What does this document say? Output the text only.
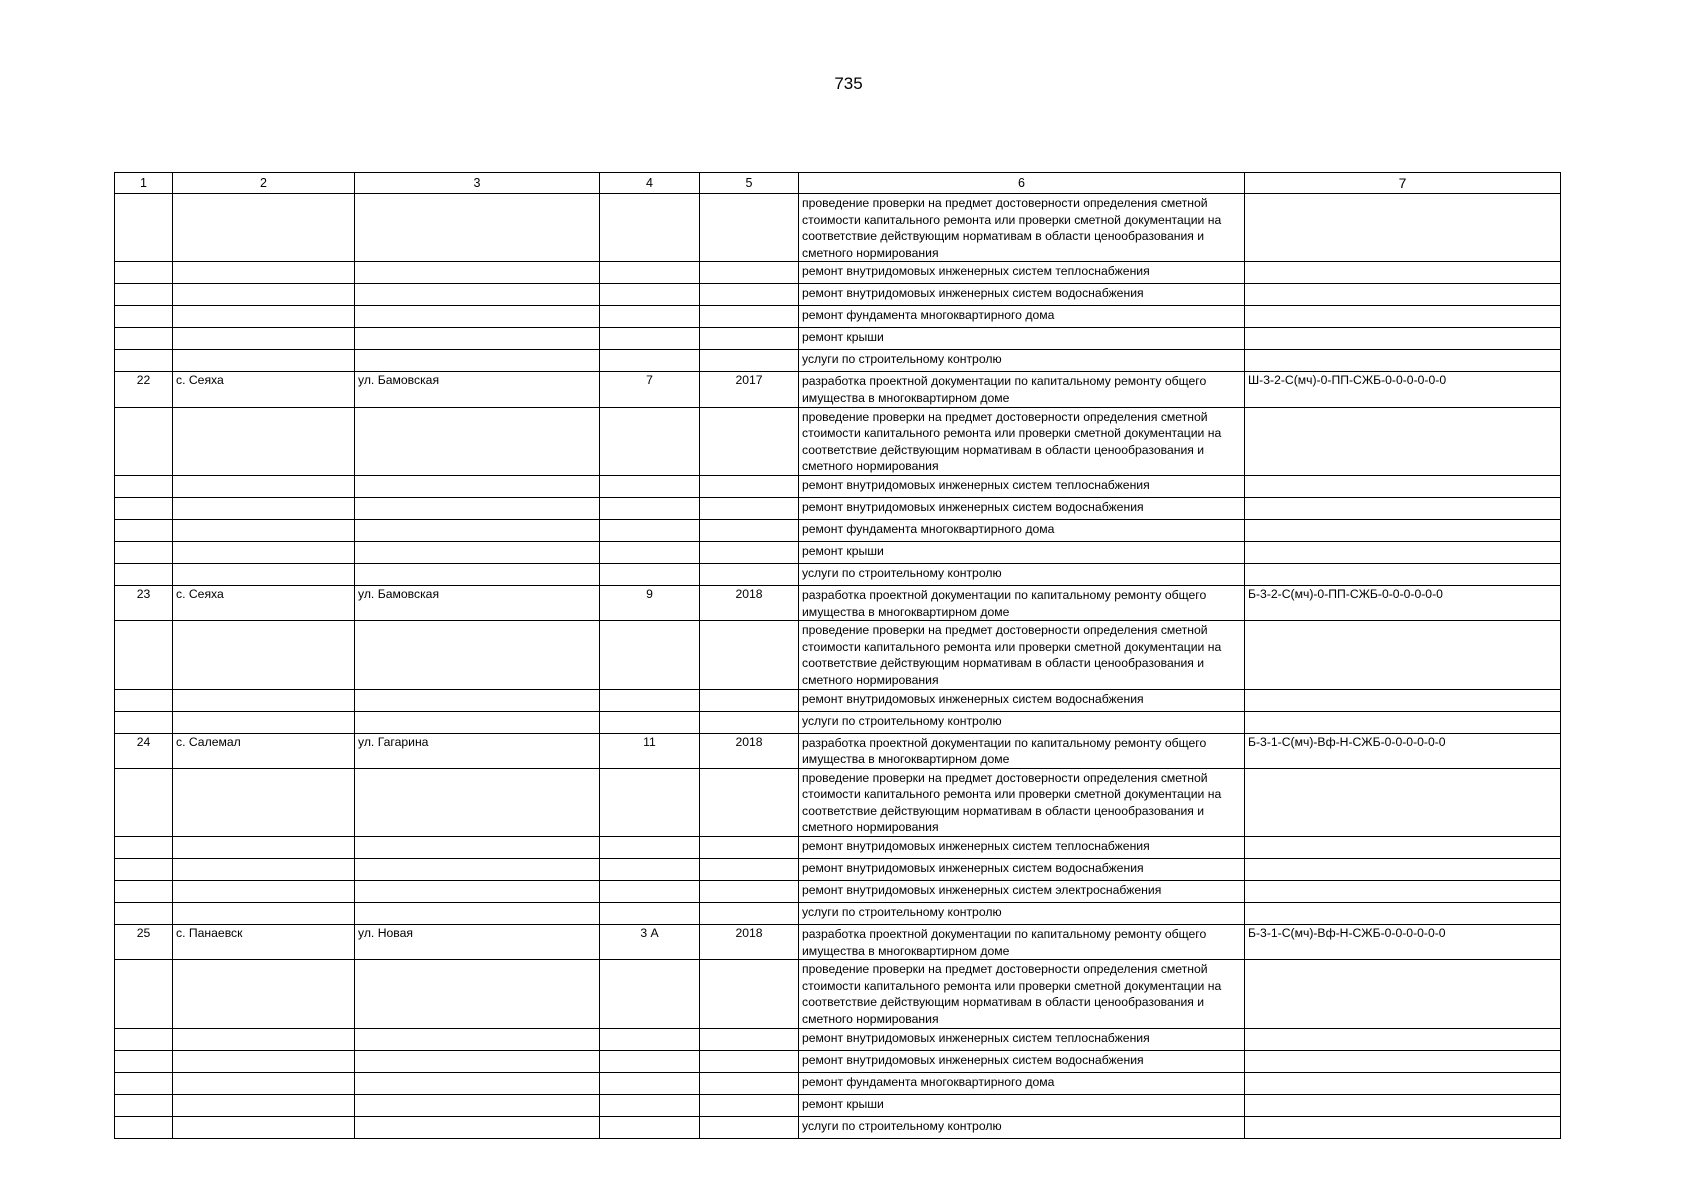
735
1	2	3	4	5	6	7
					проведение проверки на предмет достоверности определения сметной стоимости капитального ремонта или проверки сметной документации на соответствие действующим нормативам в области ценообразования и сметного нормирования	
					ремонт внутридомовых инженерных систем теплоснабжения	
					ремонт внутридомовых инженерных систем водоснабжения	
					ремонт фундамента многоквартирного дома	
					ремонт крыши	
					услуги по строительному контролю	
22	с. Сеяха	ул. Бамовская	7	2017	разработка проектной документации по капитальному ремонту общего имущества в многоквартирном доме	Ш-3-2-С(мч)-0-ПП-СЖБ-0-0-0-0-0-0
					проведение проверки на предмет достоверности определения сметной стоимости капитального ремонта или проверки сметной документации на соответствие действующим нормативам в области ценообразования и сметного нормирования	
					ремонт внутридомовых инженерных систем теплоснабжения	
					ремонт внутридомовых инженерных систем водоснабжения	
					ремонт фундамента многоквартирного дома	
					ремонт крыши	
					услуги по строительному контролю	
23	с. Сеяха	ул. Бамовская	9	2018	разработка проектной документации по капитальному ремонту общего имущества в многоквартирном доме	Б-3-2-С(мч)-0-ПП-СЖБ-0-0-0-0-0-0
					проведение проверки на предмет достоверности определения сметной стоимости капитального ремонта или проверки сметной документации на соответствие действующим нормативам в области ценообразования и сметного нормирования	
					ремонт внутридомовых инженерных систем водоснабжения	
					услуги по строительному контролю	
24	с. Салемал	ул. Гагарина	11	2018	разработка проектной документации по капитальному ремонту общего имущества в многоквартирном доме	Б-3-1-С(мч)-Вф-Н-СЖБ-0-0-0-0-0-0
					проведение проверки на предмет достоверности определения сметной стоимости капитального ремонта или проверки сметной документации на соответствие действующим нормативам в области ценообразования и сметного нормирования	
					ремонт внутридомовых инженерных систем теплоснабжения	
					ремонт внутридомовых инженерных систем водоснабжения	
					ремонт внутридомовых инженерных систем электроснабжения	
					услуги по строительному контролю	
25	с. Панаевск	ул. Новая	3 А	2018	разработка проектной документации по капитальному ремонту общего имущества в многоквартирном доме	Б-3-1-С(мч)-Вф-Н-СЖБ-0-0-0-0-0-0
					проведение проверки на предмет достоверности определения сметной стоимости капитального ремонта или проверки сметной документации на соответствие действующим нормативам в области ценообразования и сметного нормирования	
					ремонт внутридомовых инженерных систем теплоснабжения	
					ремонт внутридомовых инженерных систем водоснабжения	
					ремонт фундамента многоквартирного дома	
					ремонт крыши	
					услуги по строительному контролю	
